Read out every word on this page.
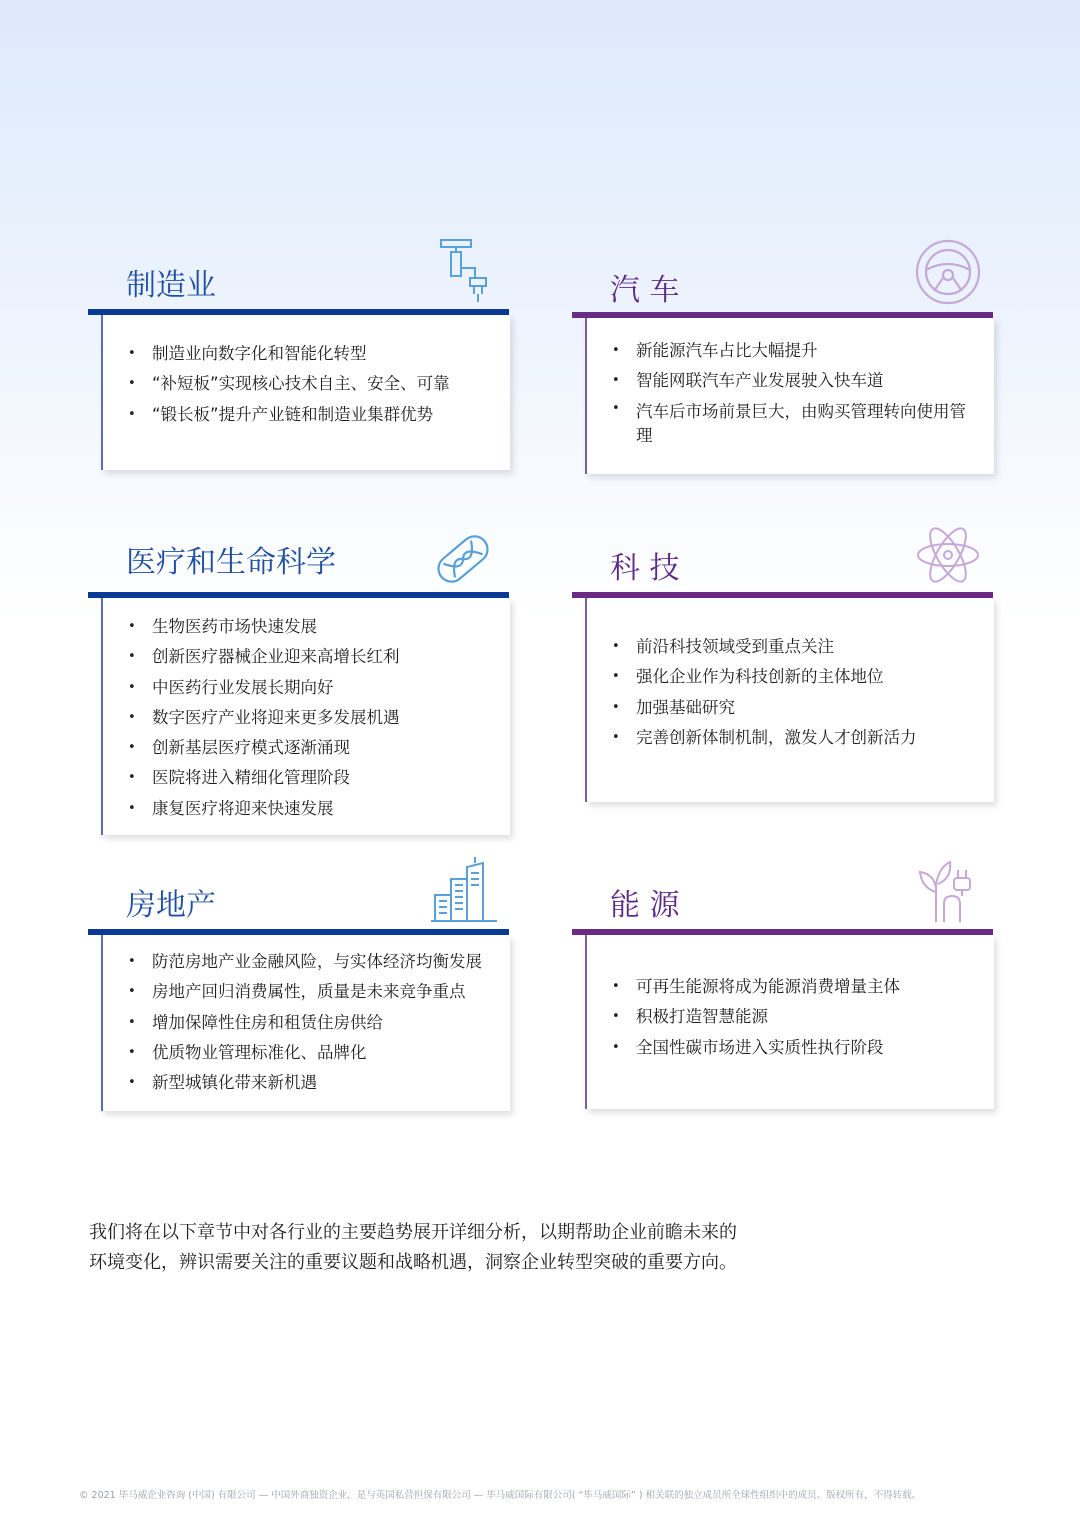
制造业
• 制造业向数字化和智能化转型
• “补短板”实现核心技术自主、安全、可靠
• “锻长板”提升产业链和制造业集群优势
汽 车
• 新能源汽车占比大幅提升
• 智能网联汽车产业发展驶入快车道
• 汽车后市场前景巨大，由购买管理转向使用管理
医疗和生命科学
• 生物医药市场快速发展
• 创新医疗器械企业迎来高增长红利
• 中医药行业发展长期向好
• 数字医疗产业将迎来更多发展机遇
• 创新基层医疗模式逐渐涌现
• 医院将进入精细化管理阶段
• 康复医疗将迎来快速发展
科 技
• 前沿科技领域受到重点关注
• 强化企业作为科技创新的主体地位
• 加强基础研究
• 完善创新体制机制，激发人才创新活力
房地产
• 防范房地产业金融风险，与实体经济均衡发展
• 房地产回归消费属性，质量是未来竞争重点
• 增加保障性住房和租赁住房供给
• 优质物业管理标准化、品牌化
• 新型城镇化带来新机遇
能 源
• 可再生能源将成为能源消费增量主体
• 积极打造智慧能源
• 全国性碳市场进入实质性执行阶段

我们将在以下章节中对各行业的主要趋势展开详细分析，以期帮助企业前瞻未来的

环境变化，辨识需要关注的重要议题和战略机遇，洞察企业转型突破的重要方向。

© 2021 毕马威企业咨询 (中国) 有限公司 — 中国外商独资企业，是与英国私营担保有限公司 — 毕马威国际有限公司( “毕马威国际” ) 相关联的独立成员所全球性组织中的成员。版权所有，不得转载。
